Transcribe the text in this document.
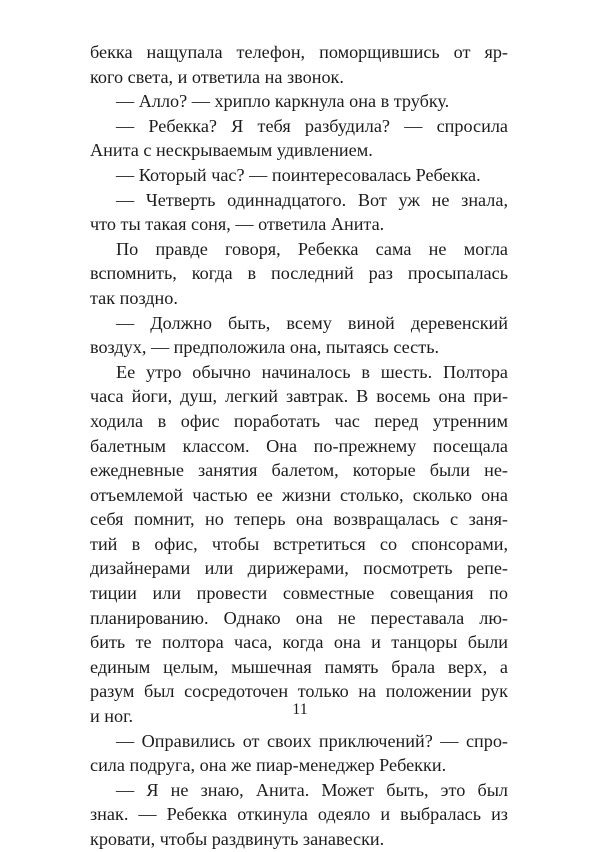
бекка нащупала телефон, поморщившись от яр-
кого света, и ответила на звонок.
— Алло? — хрипло каркнула она в трубку.
— Ребекка? Я тебя разбудила? — спросила
Анита с нескрываемым удивлением.
— Который час? — поинтересовалась Ребекка.
— Четверть одиннадцатого. Вот уж не знала,
что ты такая соня, — ответила Анита.
По правде говоря, Ребекка сама не могла
вспомнить, когда в последний раз просыпалась
так поздно.
— Должно быть, всему виной деревенский
воздух, — предположила она, пытаясь сесть.
Ее утро обычно начиналось в шесть. Полтора
часа йоги, душ, легкий завтрак. В восемь она при-
ходила в офис поработать час перед утренним
балетным классом. Она по-прежнему посещала
ежедневные занятия балетом, которые были не-
отъемлемой частью ее жизни столько, сколько она
себя помнит, но теперь она возвращалась с заня-
тий в офис, чтобы встретиться со спонсорами,
дизайнерами или дирижерами, посмотреть репе-
тиции или провести совместные совещания по
планированию. Однако она не переставала лю-
бить те полтора часа, когда она и танцоры были
единым целым, мышечная память брала верх, а
разум был сосредоточен только на положении рук
и ног.
— Оправились от своих приключений? — спро-
сила подруга, она же пиар-менеджер Ребекки.
— Я не знаю, Анита. Может быть, это был
знак. — Ребекка откинула одеяло и выбралась из
кровати, чтобы раздвинуть занавески.
11
